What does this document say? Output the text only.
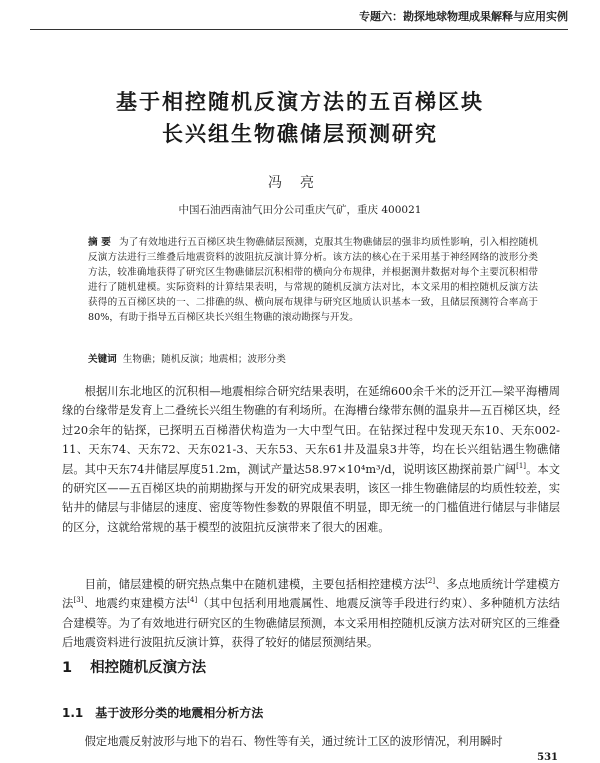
专题六：勘探地球物理成果解释与应用实例
基于相控随机反演方法的五百梯区块
长兴组生物礁储层预测研究
冯亮
中国石油西南油气田分公司重庆气矿，重庆 400021
摘 要 为了有效地进行五百梯区块生物礁储层预测，克服其生物礁储层的强非均质性影响，引入相控随机反演方法进行三维叠后地震资料的波阻抗反演计算分析。该方法的核心在于采用基于神经网络的波形分类方法，较准确地获得了研究区生物礁储层沉积相带的横向分布规律，并根据测井数据对每个主要沉积相带进行了随机建模。实际资料的计算结果表明，与常规的随机反演方法对比，本文采用的相控随机反演方法获得的五百梯区块的一、二排礁的纵、横向展布规律与研究区地质认识基本一致，且储层预测符合率高于80%，有助于指导五百梯区块长兴组生物礁的滚动勘探与开发。
关键词 生物礁；随机反演；地震相；波形分类
根据川东北地区的沉积相—地震相综合研究结果表明，在延绵600余千米的泛开江—梁平海槽周缘的台缘带是发育上二叠统长兴组生物礁的有利场所。在海槽台缘带东侧的温泉井—五百梯区块，经过20余年的钻探，已探明五百梯潜伏构造为一大中型气田。在钻探过程中发现天东10、天东002-11、天东74、天东72、天东021-3、天东53、天东61井及温泉3井等，均在长兴组钻遇生物礁储层。其中天东74井储层厚度51.2m，测试产量达58.97×10⁴m³/d，说明该区勘探前景广阔[1]。本文的研究区——五百梯区块的前期勘探与开发的研究成果表明，该区一排生物礁储层的均质性较差，实钻井的储层与非储层的速度、密度等物性参数的界限值不明显，即无统一的门槛值进行储层与非储层的区分，这就给常规的基于模型的波阻抗反演带来了很大的困难。
目前，储层建模的研究热点集中在随机建模，主要包括相控建模方法[2]、多点地质统计学建模方法[3]、地震约束建模方法[4]（其中包括利用地震属性、地震反演等手段进行约束）、多种随机方法结合建模等。为了有效地进行研究区的生物礁储层预测，本文采用相控随机反演方法对研究区的三维叠后地震资料进行波阻抗反演计算，获得了较好的储层预测结果。
1 相控随机反演方法
1.1 基于波形分类的地震相分析方法
假定地震反射波形与地下的岩石、物性等有关，通过统计工区的波形情况，利用瞬时
531
